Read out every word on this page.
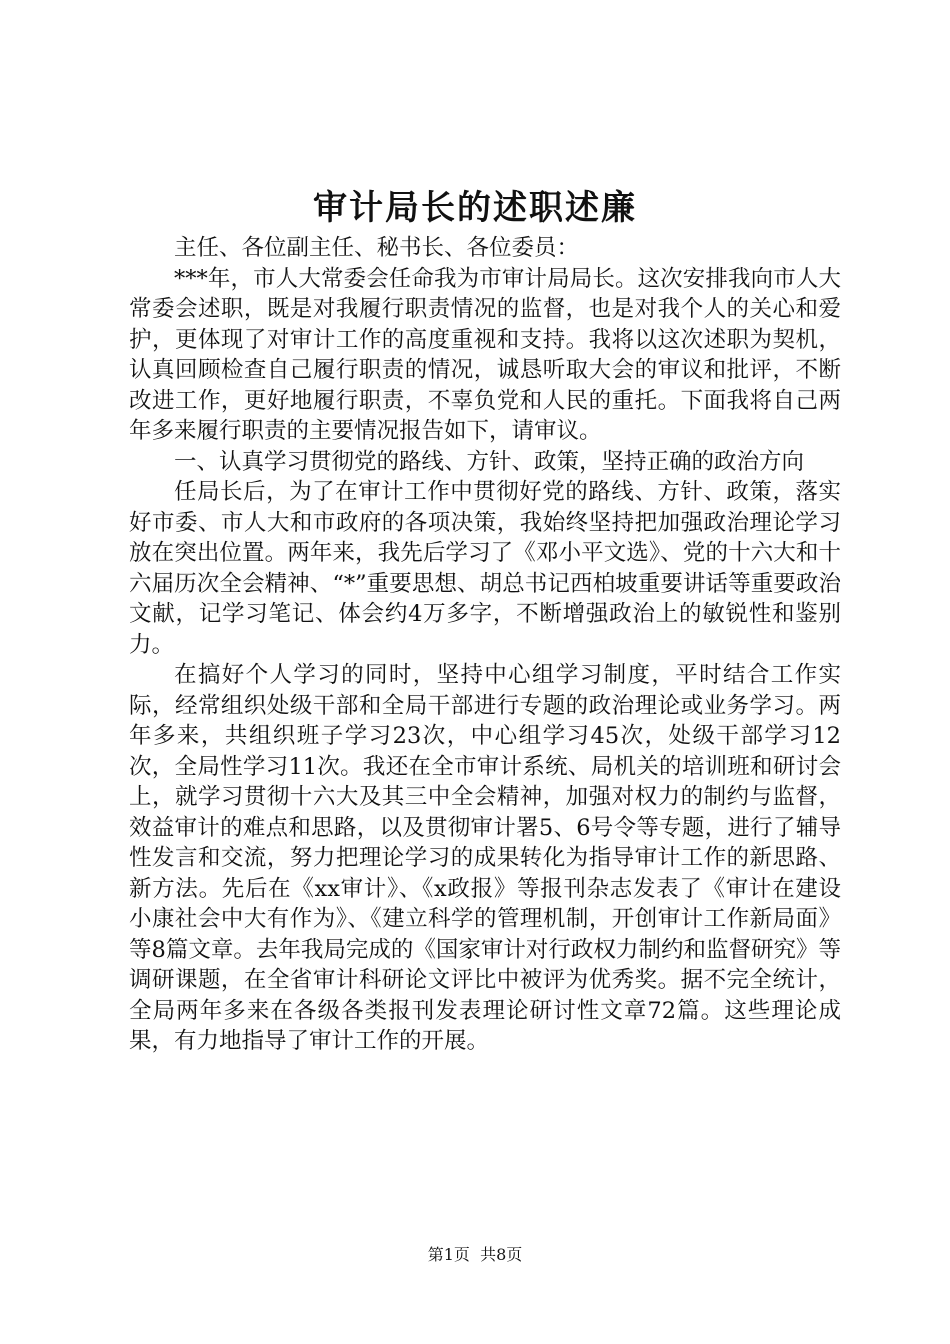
审计局长的述职述廉

主任、各位副主任、秘书长、各位委员：

***年，市人大常委会任命我为市审计局局长。这次安排我向市人大常委会述职，既是对我履行职责情况的监督，也是对我个人的关心和爱护，更体现了对审计工作的高度重视和支持。我将以这次述职为契机，认真回顾检查自己履行职责的情况，诚恳听取大会的审议和批评，不断改进工作，更好地履行职责，不辜负党和人民的重托。下面我将自己两年多来履行职责的主要情况报告如下，请审议。

一、认真学习贯彻党的路线、方针、政策，坚持正确的政治方向

任局长后，为了在审计工作中贯彻好党的路线、方针、政策，落实好市委、市人大和市政府的各项决策，我始终坚持把加强政治理论学习放在突出位置。两年来，我先后学习了《邓小平文选》、党的十六大和十六届历次全会精神、“*”重要思想、胡总书记西柏坡重要讲话等重要政治文献，记学习笔记、体会约4万多字，不断增强政治上的敏锐性和鉴别力。

在搞好个人学习的同时，坚持中心组学习制度，平时结合工作实际，经常组织处级干部和全局干部进行专题的政治理论或业务学习。两年多来，共组织班子学习23次，中心组学习45次，处级干部学习12次，全局性学习11次。我还在全市审计系统、局机关的培训班和研讨会上，就学习贯彻十六大及其三中全会精神，加强对权力的制约与监督，效益审计的难点和思路，以及贯彻审计署5、6号令等专题，进行了辅导性发言和交流，努力把理论学习的成果转化为指导审计工作的新思路、新方法。先后在《xx审计》、《x政报》等报刊杂志发表了《审计在建设小康社会中大有作为》、《建立科学的管理机制，开创审计工作新局面》等8篇文章。去年我局完成的《国家审计对行政权力制约和监督研究》等调研课题，在全省审计科研论文评比中被评为优秀奖。据不完全统计，全局两年多来在各级各类报刊发表理论研讨性文章72篇。这些理论成果，有力地指导了审计工作的开展。

第1页 共8页
